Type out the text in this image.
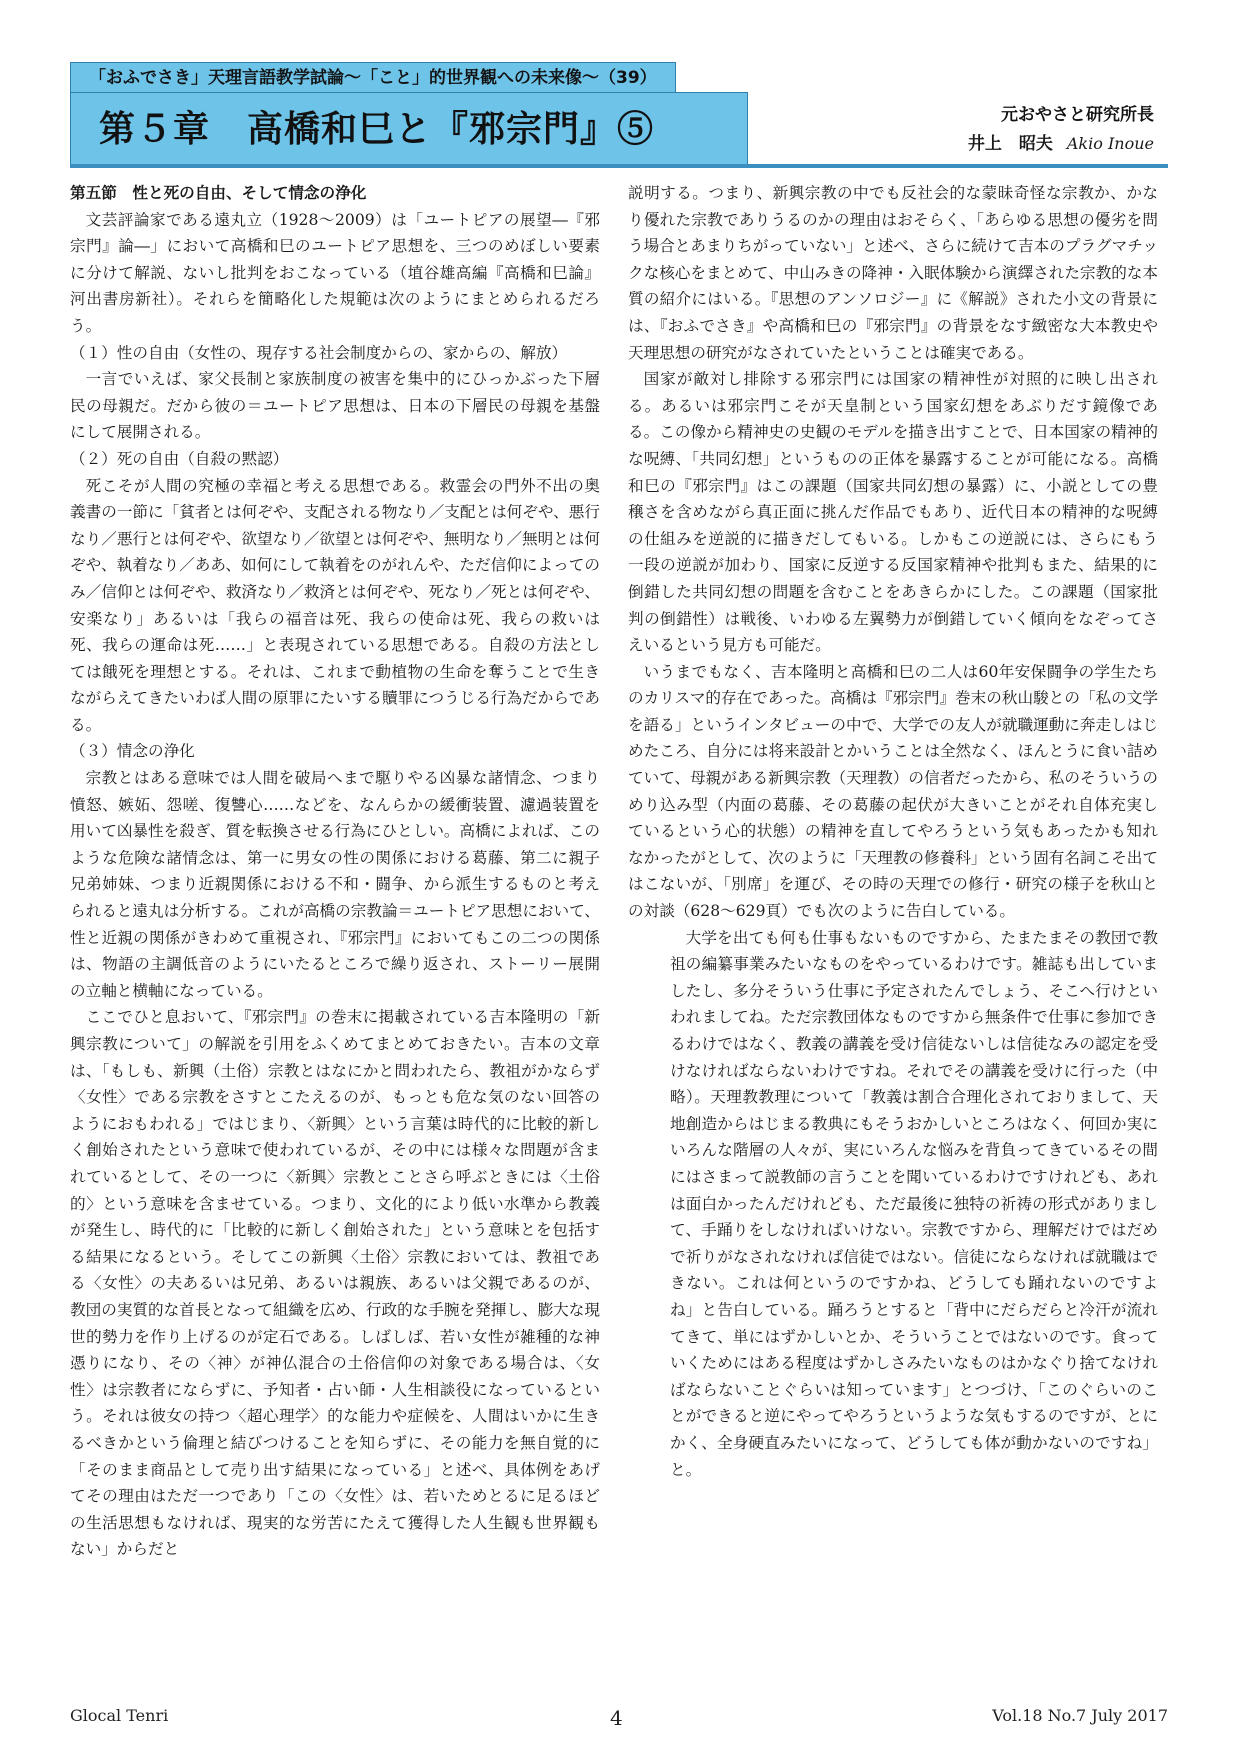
「おふでさき」天理言語教学試論〜「こと」的世界観への未来像〜（39）
第５章　高橋和巳と『邪宗門』⑤	元おやさと研究所長
井上　昭夫 Akio Inoue

第五節　性と死の自由、そして情念の浄化

文芸評論家である遠丸立（1928～2009）は「ユートピアの展望―『邪宗門』論―」において高橋和巳のユートピア思想を、三つのめぼしい要素に分けて解説、ないし批判をおこなっている（埴谷雄高編『高橋和巳論』河出書房新社）。それらを簡略化した規範は次のようにまとめられるだろう。

（１）性の自由（女性の、現存する社会制度からの、家からの、解放）

一言でいえば、家父長制と家族制度の被害を集中的にひっかぶった下層民の母親だ。だから彼の＝ユートピア思想は、日本の下層民の母親を基盤にして展開される。

（２）死の自由（自殺の黙認）

死こそが人間の究極の幸福と考える思想である。救霊会の門外不出の奥義書の一節に「貧者とは何ぞや、支配される物なり／支配とは何ぞや、悪行なり／悪行とは何ぞや、欲望なり／欲望とは何ぞや、無明なり／無明とは何ぞや、執着なり／ああ、如何にして執着をのがれんや、ただ信仰によってのみ／信仰とは何ぞや、救済なり／救済とは何ぞや、死なり／死とは何ぞや、安楽なり」あるいは「我らの福音は死、我らの使命は死、我らの救いは死、我らの運命は死……」と表現されている思想である。自殺の方法としては餓死を理想とする。それは、これまで動植物の生命を奪うことで生きながらえてきたいわば人間の原罪にたいする贖罪につうじる行為だからである。

（３）情念の浄化

宗教とはある意味では人間を破局へまで駆りやる凶暴な諸情念、つまり憤怒、嫉妬、怨嗟、復讐心……などを、なんらかの緩衝装置、濾過装置を用いて凶暴性を殺ぎ、質を転換させる行為にひとしい。高橋によれば、このような危険な諸情念は、第一に男女の性の関係における葛藤、第二に親子兄弟姉妹、つまり近親関係における不和・闘争、から派生するものと考えられると遠丸は分析する。これが高橋の宗教論＝ユートピア思想において、性と近親の関係がきわめて重視され、『邪宗門』においてもこの二つの関係は、物語の主調低音のようにいたるところで繰り返され、ストーリー展開の立軸と横軸になっている。

ここでひと息おいて、『邪宗門』の巻末に掲載されている吉本隆明の「新興宗教について」の解説を引用をふくめてまとめておきたい。吉本の文章は、「もしも、新興（土俗）宗教とはなにかと問われたら、教祖がかならず〈女性〉である宗教をさすとこたえるのが、もっとも危な気のない回答のようにおもわれる」ではじまり、〈新興〉という言葉は時代的に比較的新しく創始されたという意味で使われているが、その中には様々な問題が含まれているとして、その一つに〈新興〉宗教とことさら呼ぶときには〈土俗的〉という意味を含ませている。つまり、文化的により低い水準から教義が発生し、時代的に「比較的に新しく創始された」という意味とを包括する結果になるという。そしてこの新興〈土俗〉宗教においては、教祖である〈女性〉の夫あるいは兄弟、あるいは親族、あるいは父親であるのが、教団の実質的な首長となって組織を広め、行政的な手腕を発揮し、膨大な現世的勢力を作り上げるのが定石である。しばしば、若い女性が雑種的な神憑りになり、その〈神〉が神仏混合の土俗信仰の対象である場合は、〈女性〉は宗教者にならずに、予知者・占い師・人生相談役になっているという。それは彼女の持つ〈超心理学〉的な能力や症候を、人間はいかに生きるべきかという倫理と結びつけることを知らずに、その能力を無自覚的に「そのまま商品として売り出す結果になっている」と述べ、具体例をあげてその理由はただ一つであり「この〈女性〉は、若いためとるに足るほどの生活思想もなければ、現実的な労苦にたえて獲得した人生観も世界観もない」からだと

説明する。つまり、新興宗教の中でも反社会的な蒙昧奇怪な宗教か、かなり優れた宗教でありうるのかの理由はおそらく、「あらゆる思想の優劣を問う場合とあまりちがっていない」と述べ、さらに続けて吉本のプラグマチックな核心をまとめて、中山みきの降神・入眠体験から演繹された宗教的な本質の紹介にはいる。『思想のアンソロジー』に《解説》された小文の背景には、『おふでさき』や高橋和巳の『邪宗門』の背景をなす緻密な大本教史や天理思想の研究がなされていたということは確実である。

国家が敵対し排除する邪宗門には国家の精神性が対照的に映し出される。あるいは邪宗門こそが天皇制という国家幻想をあぶりだす鏡像である。この像から精神史の史観のモデルを描き出すことで、日本国家の精神的な呪縛、「共同幻想」というものの正体を暴露することが可能になる。高橋和巳の『邪宗門』はこの課題（国家共同幻想の暴露）に、小説としての豊穣さを含めながら真正面に挑んだ作品でもあり、近代日本の精神的な呪縛の仕組みを逆説的に描きだしてもいる。しかもこの逆説には、さらにもう一段の逆説が加わり、国家に反逆する反国家精神や批判もまた、結果的に倒錯した共同幻想の問題を含むことをあきらかにした。この課題（国家批判の倒錯性）は戦後、いわゆる左翼勢力が倒錯していく傾向をなぞってさえいるという見方も可能だ。

いうまでもなく、吉本隆明と高橋和巳の二人は60年安保闘争の学生たちのカリスマ的存在であった。高橋は『邪宗門』巻末の秋山駿との「私の文学を語る」というインタビューの中で、大学での友人が就職運動に奔走しはじめたころ、自分には将来設計とかいうことは全然なく、ほんとうに食い詰めていて、母親がある新興宗教（天理教）の信者だったから、私のそういうのめり込み型（内面の葛藤、その葛藤の起伏が大きいことがそれ自体充実しているという心的状態）の精神を直してやろうという気もあったかも知れなかったがとして、次のように「天理教の修養科」という固有名詞こそ出てはこないが、「別席」を運び、その時の天理での修行・研究の様子を秋山との対談（628～629頁）でも次のように告白している。

大学を出ても何も仕事もないものですから、たまたまその教団で教祖の編纂事業みたいなものをやっているわけです。雑誌も出していましたし、多分そういう仕事に予定されたんでしょう、そこへ行けといわれましてね。ただ宗教団体なものですから無条件で仕事に参加できるわけではなく、教義の講義を受け信徒ないしは信徒なみの認定を受けなければならないわけですね。それでその講義を受けに行った（中略）。天理教教理について「教義は割合合理化されておりまして、天地創造からはじまる教典にもそうおかしいところはなく、何回か実にいろんな階層の人々が、実にいろんな悩みを背負ってきているその間にはさまって説教師の言うことを聞いているわけですけれども、あれは面白かったんだけれども、ただ最後に独特の祈祷の形式がありまして、手踊りをしなければいけない。宗教ですから、理解だけではだめで祈りがなされなければ信徒ではない。信徒にならなければ就職はできない。これは何というのですかね、どうしても踊れないのですよね」と告白している。踊ろうとすると「背中にだらだらと冷汗が流れてきて、単にはずかしいとか、そういうことではないのです。食っていくためにはある程度はずかしさみたいなものはかなぐり捨てなければならないことぐらいは知っています」とつづけ、「このぐらいのことができると逆にやってやろうというような気もするのですが、とにかく、全身硬直みたいになって、どうしても体が動かないのですね」と。

Glocal Tenri	4	Vol.18 No.7 July 2017
